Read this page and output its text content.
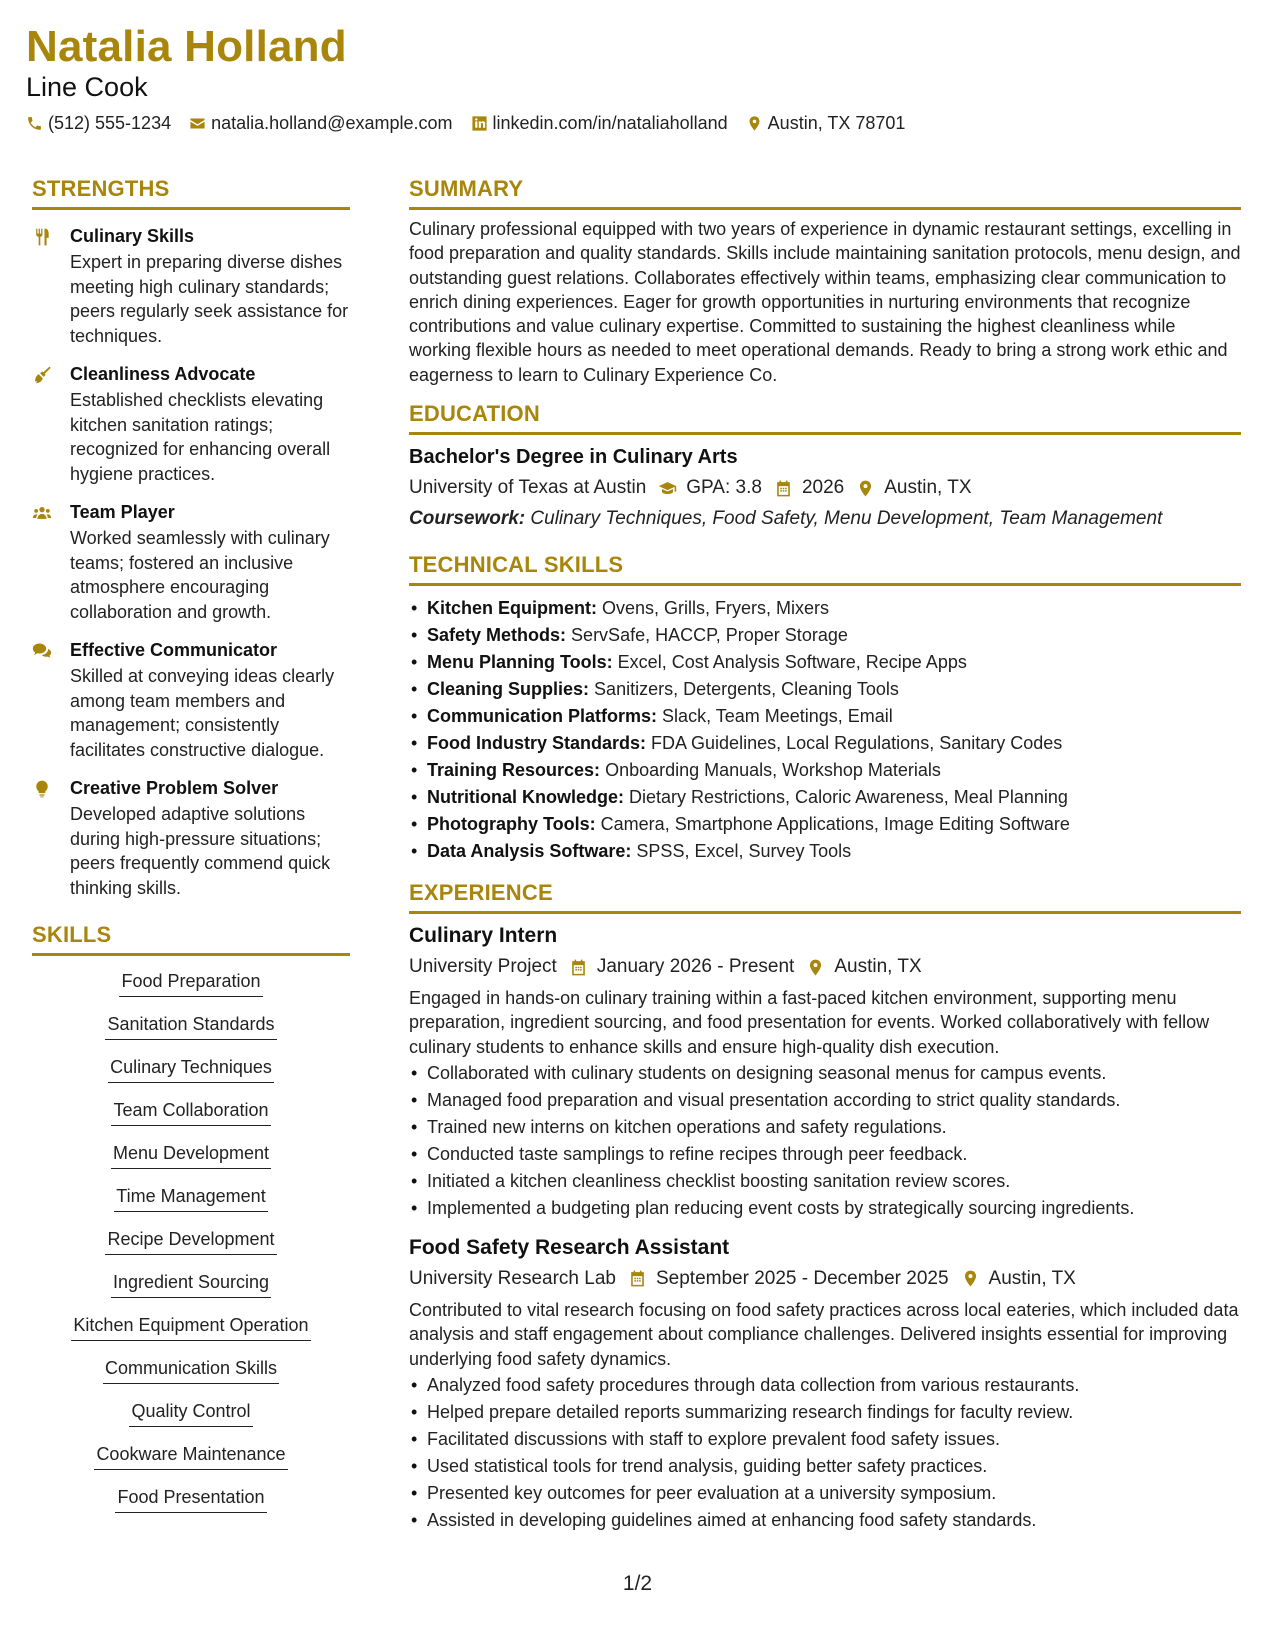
Natalia Holland
Line Cook
(512) 555-1234 natalia.holland@example.com linkedin.com/in/nataliaholland Austin, TX 78701
STRENGTHS
Culinary Skills
Expert in preparing diverse dishes meeting high culinary standards; peers regularly seek assistance for techniques.
Cleanliness Advocate
Established checklists elevating kitchen sanitation ratings; recognized for enhancing overall hygiene practices.
Team Player
Worked seamlessly with culinary teams; fostered an inclusive atmosphere encouraging collaboration and growth.
Effective Communicator
Skilled at conveying ideas clearly among team members and management; consistently facilitates constructive dialogue.
Creative Problem Solver
Developed adaptive solutions during high-pressure situations; peers frequently commend quick thinking skills.
SKILLS
Food Preparation
Sanitation Standards
Culinary Techniques
Team Collaboration
Menu Development
Time Management
Recipe Development
Ingredient Sourcing
Kitchen Equipment Operation
Communication Skills
Quality Control
Cookware Maintenance
Food Presentation
SUMMARY
Culinary professional equipped with two years of experience in dynamic restaurant settings, excelling in food preparation and quality standards. Skills include maintaining sanitation protocols, menu design, and outstanding guest relations. Collaborates effectively within teams, emphasizing clear communication to enrich dining experiences. Eager for growth opportunities in nurturing environments that recognize contributions and value culinary expertise. Committed to sustaining the highest cleanliness while working flexible hours as needed to meet operational demands. Ready to bring a strong work ethic and eagerness to learn to Culinary Experience Co.
EDUCATION
Bachelor's Degree in Culinary Arts
University of Texas at Austin GPA: 3.8 2026 Austin, TX
Coursework: Culinary Techniques, Food Safety, Menu Development, Team Management
TECHNICAL SKILLS
• Kitchen Equipment: Ovens, Grills, Fryers, Mixers
• Safety Methods: ServSafe, HACCP, Proper Storage
• Menu Planning Tools: Excel, Cost Analysis Software, Recipe Apps
• Cleaning Supplies: Sanitizers, Detergents, Cleaning Tools
• Communication Platforms: Slack, Team Meetings, Email
• Food Industry Standards: FDA Guidelines, Local Regulations, Sanitary Codes
• Training Resources: Onboarding Manuals, Workshop Materials
• Nutritional Knowledge: Dietary Restrictions, Caloric Awareness, Meal Planning
• Photography Tools: Camera, Smartphone Applications, Image Editing Software
• Data Analysis Software: SPSS, Excel, Survey Tools
EXPERIENCE
Culinary Intern
University Project January 2026 - Present Austin, TX
Engaged in hands-on culinary training within a fast-paced kitchen environment, supporting menu preparation, ingredient sourcing, and food presentation for events. Worked collaboratively with fellow culinary students to enhance skills and ensure high-quality dish execution.
• Collaborated with culinary students on designing seasonal menus for campus events.
• Managed food preparation and visual presentation according to strict quality standards.
• Trained new interns on kitchen operations and safety regulations.
• Conducted taste samplings to refine recipes through peer feedback.
• Initiated a kitchen cleanliness checklist boosting sanitation review scores.
• Implemented a budgeting plan reducing event costs by strategically sourcing ingredients.
Food Safety Research Assistant
University Research Lab September 2025 - December 2025 Austin, TX
Contributed to vital research focusing on food safety practices across local eateries, which included data analysis and staff engagement about compliance challenges. Delivered insights essential for improving underlying food safety dynamics.
• Analyzed food safety procedures through data collection from various restaurants.
• Helped prepare detailed reports summarizing research findings for faculty review.
• Facilitated discussions with staff to explore prevalent food safety issues.
• Used statistical tools for trend analysis, guiding better safety practices.
• Presented key outcomes for peer evaluation at a university symposium.
• Assisted in developing guidelines aimed at enhancing food safety standards.
1/2
